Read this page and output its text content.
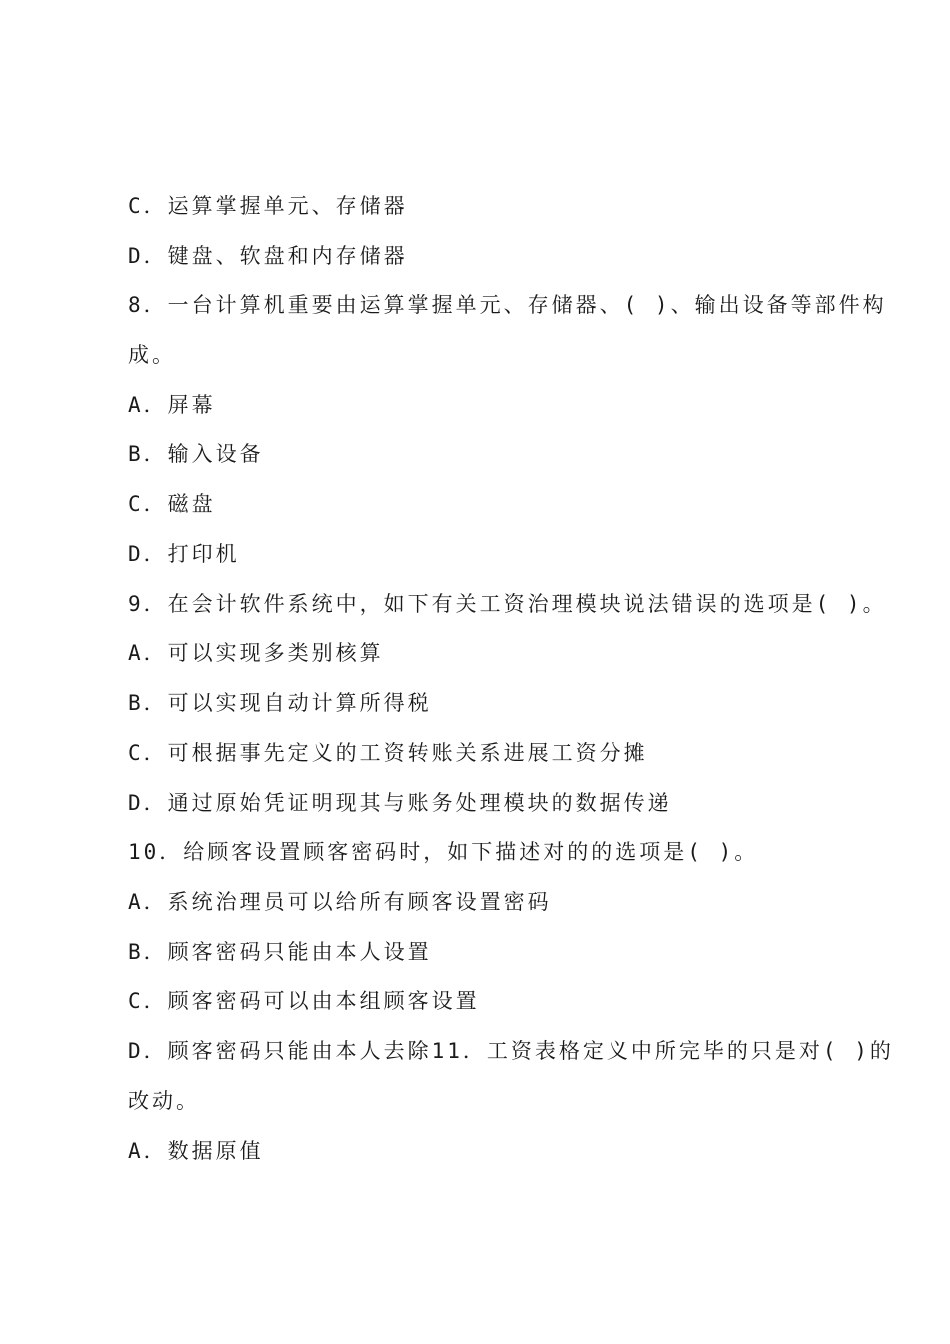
C．运算掌握单元、存储器
D．键盘、软盘和内存储器
8．一台计算机重要由运算掌握单元、存储器、( )、输出设备等部件构
成。
A．屏幕
B．输入设备
C．磁盘
D．打印机
9．在会计软件系统中，如下有关工资治理模块说法错误的选项是( )。
A．可以实现多类别核算
B．可以实现自动计算所得税
C．可根据事先定义的工资转账关系进展工资分摊
D．通过原始凭证明现其与账务处理模块的数据传递
10．给顾客设置顾客密码时，如下描述对的的选项是( )。
A．系统治理员可以给所有顾客设置密码
B．顾客密码只能由本人设置
C．顾客密码可以由本组顾客设置
D．顾客密码只能由本人去除11．工资表格定义中所完毕的只是对( )的
改动。
A．数据原值
